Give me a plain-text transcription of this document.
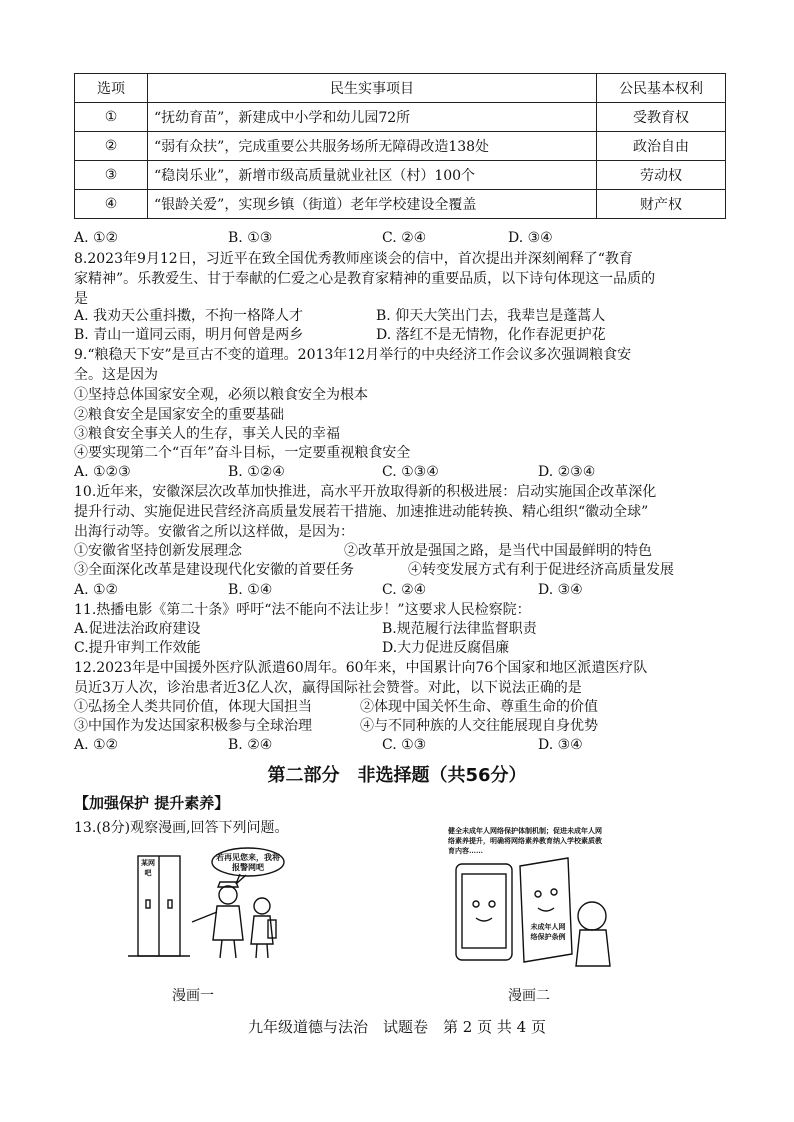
选项	民生实事项目	公民基本权利
①	“抚幼育苗”，新建成中小学和幼儿园72所	受教育权
②	“弱有众扶”，完成重要公共服务场所无障碍改造138处	政治自由
③	“稳岗乐业”，新增市级高质量就业社区（村）100个	劳动权
④	“银龄关爱”，实现乡镇（街道）老年学校建设全覆盖	财产权
A. ①②	B. ①③	C. ②④	D. ③④
8.2023年9月12日，习近平在致全国优秀教师座谈会的信中，首次提出并深刻阐释了“教育
家精神”。乐教爱生、甘于奉献的仁爱之心是教育家精神的重要品质，以下诗句体现这一品质的
是
A. 我劝天公重抖擞，不拘一格降人才	B. 仰天大笑出门去，我辈岂是蓬蒿人
B. 青山一道同云雨，明月何曾是两乡	D. 落红不是无情物，化作春泥更护花
9.“粮稳天下安”是亘古不变的道理。2013年12月举行的中央经济工作会议多次强调粮食安
全。这是因为
①坚持总体国家安全观，必须以粮食安全为根本
②粮食安全是国家安全的重要基础
③粮食安全事关人的生存，事关人民的幸福
④要实现第二个“百年”奋斗目标，一定要重视粮食安全
A. ①②③	B. ①②④	C. ①③④	D. ②③④
10.近年来，安徽深层次改革加快推进，高水平开放取得新的积极进展：启动实施国企改革深化
提升行动、实施促进民营经济高质量发展若干措施、加速推进动能转换、精心组织“徽动全球”
出海行动等。安徽省之所以这样做，是因为：
①安徽省坚持创新发展理念	②改革开放是强国之路，是当代中国最鲜明的特色
③全面深化改革是建设现代化安徽的首要任务	④转变发展方式有利于促进经济高质量发展
A. ①②	B. ①④	C. ②④	D. ③④
11.热播电影《第二十条》呼吁“法不能向不法让步！”这要求人民检察院：
A.促进法治政府建设	B.规范履行法律监督职责
C.提升审判工作效能	D.大力促进反腐倡廉
12.2023年是中国援外医疗队派遣60周年。60年来，中国累计向76个国家和地区派遣医疗队
员近3万人次，诊治患者近3亿人次，赢得国际社会赞誉。对此，以下说法正确的是
①弘扬全人类共同价值，体现大国担当	②体现中国关怀生命、尊重生命的价值
③中国作为发达国家积极参与全球治理	④与不同种族的人交往能展现自身优势
A. ①②	B. ②④	C. ①③	D. ③④
第二部分　非选择题（共56分）
【加强保护 提升素养】
13.(8分)观察漫画,回答下列问题。
若再见您来，我将报警网吧
某网吧
漫画一
健全未成年人网络保护体制机制；促进未成年人网络素养提升，明确将网络素养教育纳入学校素质教育内容……
未成年人网络保护条例
漫画二
九年级道德与法治　试题卷　第 2 页 共 4 页
